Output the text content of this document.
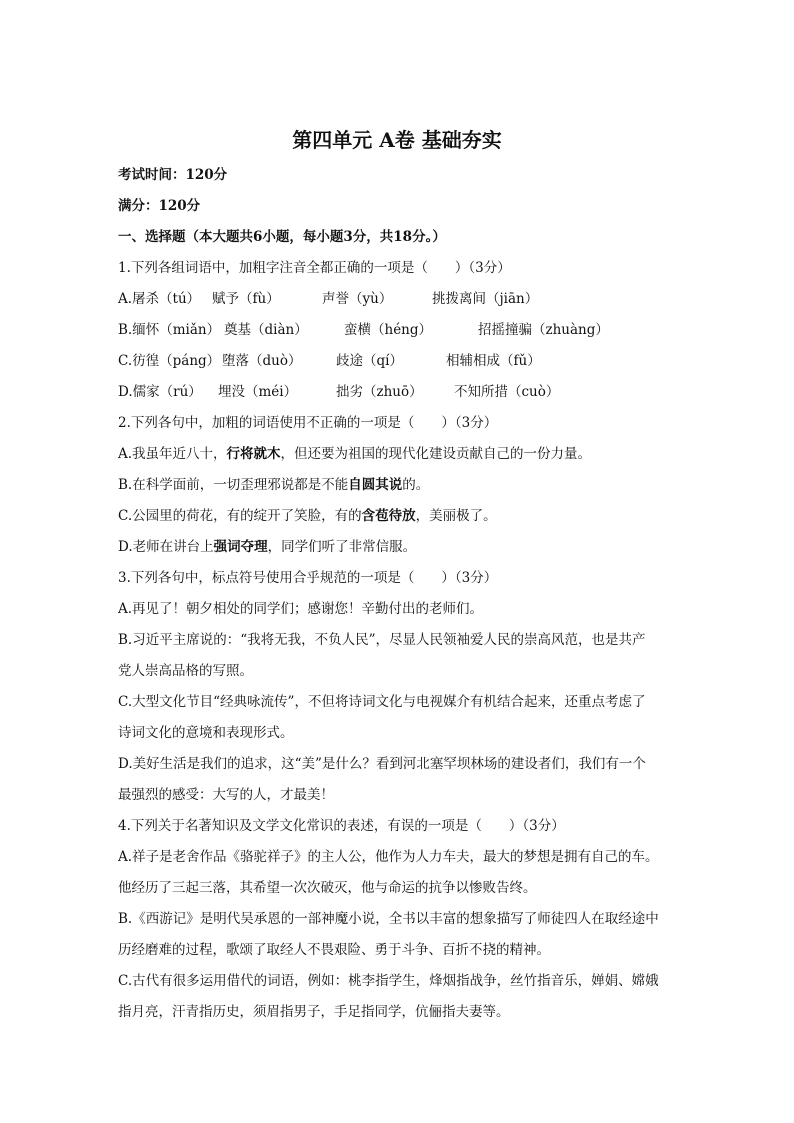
第四单元 A卷 基础夯实
考试时间：120分
满分：120分
一、选择题（本大题共6小题，每小题3分，共18分。）
1.下列各组词语中，加粗字注音全都正确的一项是（　　）（3分）
A.屠杀（tú） 赋予（fù）	声誉（yù）	挑拨离间（jiān）
B.缅怀（miǎn） 奠基（diàn）	蛮横（héng）	招摇撞骗（zhuàng）
C.彷徨（páng） 堕落（duò）	歧途（qí）	相辅相成（fǔ）
D.儒家（rú）	埋没（méi）	拙劣（zhuō）	不知所措（cuò）
2.下列各句中，加粗的词语使用不正确的一项是（　　）（3分）
A.我虽年近八十，行将就木，但还要为祖国的现代化建设贡献自己的一份力量。
B.在科学面前，一切歪理邪说都是不能自圆其说的。
C.公园里的荷花，有的绽开了笑脸，有的含苞待放，美丽极了。
D.老师在讲台上强词夺理，同学们听了非常信服。
3.下列各句中，标点符号使用合乎规范的一项是（　　）（3分）
A.再见了！朝夕相处的同学们；感谢您！辛勤付出的老师们。
B.习近平主席说的：“我将无我，不负人民”，尽显人民领袖爱人民的崇高风范，也是共产
党人崇高品格的写照。
C.大型文化节目“经典咏流传”，不但将诗词文化与电视媒介有机结合起来，还重点考虑了
诗词文化的意境和表现形式。
D.美好生活是我们的追求，这“美”是什么？看到河北塞罕坝林场的建设者们，我们有一个
最强烈的感受：大写的人，才最美！
4.下列关于名著知识及文学文化常识的表述，有误的一项是（　　）（3分）
A.祥子是老舍作品《骆驼祥子》的主人公，他作为人力车夫，最大的梦想是拥有自己的车。
他经历了三起三落，其希望一次次破灭，他与命运的抗争以惨败告终。
B.《西游记》是明代吴承恩的一部神魔小说，全书以丰富的想象描写了师徒四人在取经途中
历经磨难的过程，歌颂了取经人不畏艰险、勇于斗争、百折不挠的精神。
C.古代有很多运用借代的词语，例如：桃李指学生，烽烟指战争，丝竹指音乐，婵娟、嫦娥
指月亮，汗青指历史，须眉指男子，手足指同学，伉俪指夫妻等。
